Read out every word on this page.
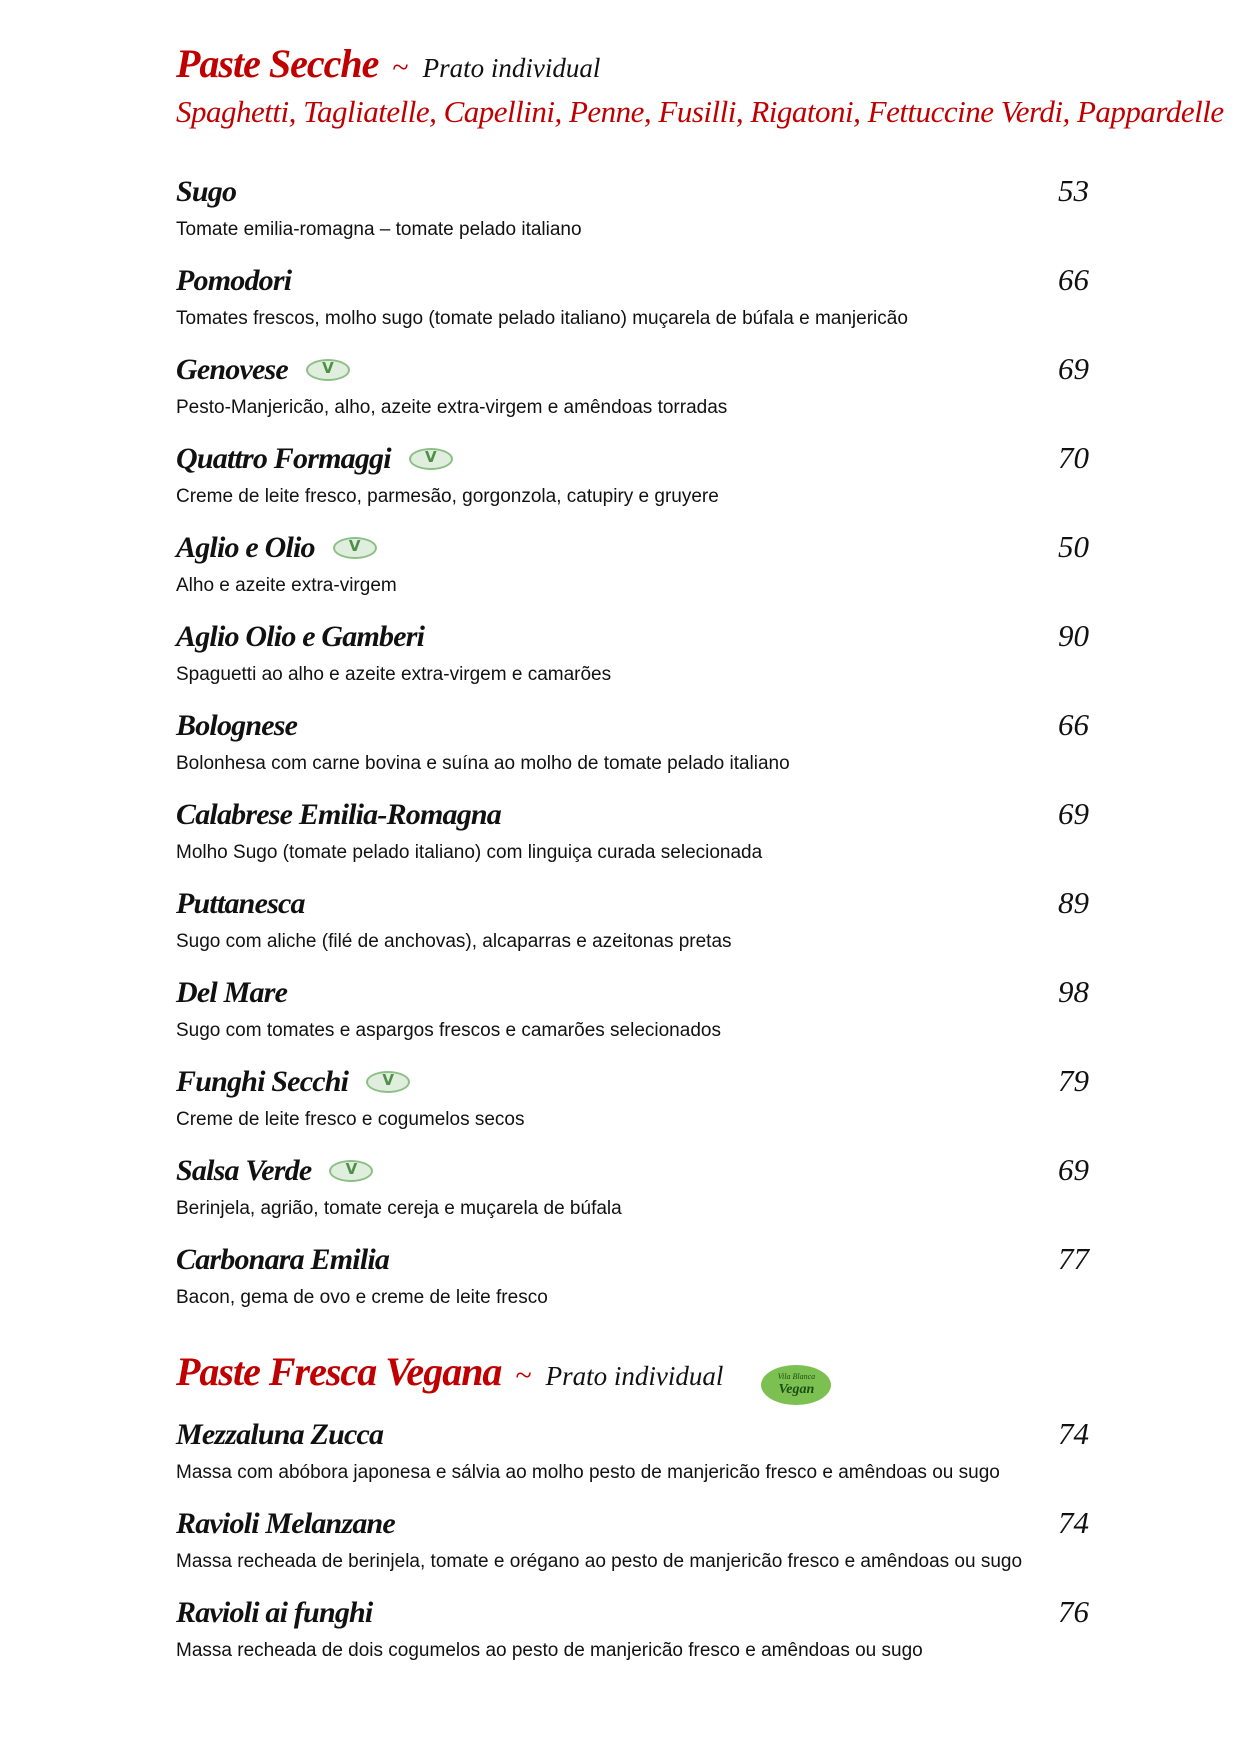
Paste Secche ~ Prato individual
Spaghetti, Tagliatelle, Capellini, Penne, Fusilli, Rigatoni, Fettuccine Verdi, Pappardelle
Sugo
Tomate emilia-romagna – tomate pelado italiano
53
Pomodori
Tomates frescos, molho sugo (tomate pelado italiano) muçarela de búfala e manjericão
66
Genovese
V
Pesto-Manjericão, alho, azeite extra-virgem e amêndoas torradas
69
Quattro Formaggi
V
Creme de leite fresco, parmesão, gorgonzola, catupiry e gruyere
70
Aglio e Olio
V
Alho e azeite extra-virgem
50
Aglio Olio e Gamberi
Spaguetti ao alho e azeite extra-virgem e camarões
90
Bolognese
Bolonhesa com carne bovina e suína ao molho de tomate pelado italiano
66
Calabrese Emilia-Romagna
Molho Sugo (tomate pelado italiano) com linguiça curada selecionada
69
Puttanesca
Sugo com aliche (filé de anchovas), alcaparras e azeitonas pretas
89
Del Mare
Sugo com tomates e aspargos frescos e camarões selecionados
98
Funghi Secchi
V
Creme de leite fresco e cogumelos secos
79
Salsa Verde
V
Berinjela, agrião, tomate cereja e muçarela de búfala
69
Carbonara Emilia
Bacon, gema de ovo e creme de leite fresco
77
Paste Fresca Vegana ~ Prato individual	Vila Blanca
Vegan
Mezzaluna Zucca
Massa com abóbora japonesa e sálvia ao molho pesto de manjericão fresco e amêndoas ou sugo
74
Ravioli Melanzane
Massa recheada de berinjela, tomate e orégano ao pesto de manjericão fresco e amêndoas ou sugo
74
Ravioli ai funghi
Massa recheada de dois cogumelos ao pesto de manjericão fresco e amêndoas ou sugo
76
